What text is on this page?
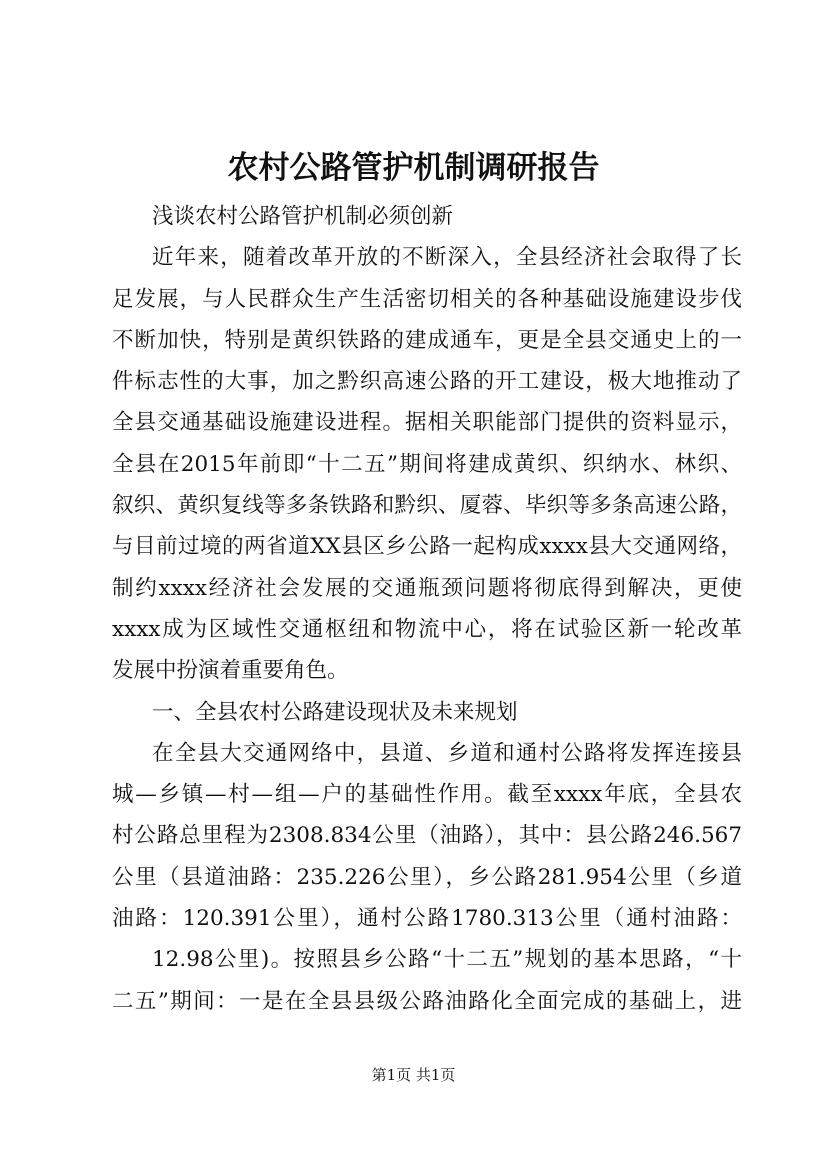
农村公路管护机制调研报告
浅谈农村公路管护机制必须创新
近年来，随着改革开放的不断深入，全县经济社会取得了长
足发展，与人民群众生产生活密切相关的各种基础设施建设步伐
不断加快，特别是黄织铁路的建成通车，更是全县交通史上的一
件标志性的大事，加之黔织高速公路的开工建设，极大地推动了
全县交通基础设施建设进程。据相关职能部门提供的资料显示，
全县在2015年前即“十二五”期间将建成黄织、织纳水、林织、
叙织、黄织复线等多条铁路和黔织、厦蓉、毕织等多条高速公路，
与目前过境的两省道XX县区乡公路一起构成xxxx县大交通网络，
制约xxxx经济社会发展的交通瓶颈问题将彻底得到解决，更使
xxxx成为区域性交通枢纽和物流中心，将在试验区新一轮改革
发展中扮演着重要角色。
一、全县农村公路建设现状及未来规划
在全县大交通网络中，县道、乡道和通村公路将发挥连接县
城—乡镇—村—组—户的基础性作用。截至xxxx年底，全县农
村公路总里程为2308.834公里（油路），其中：县公路246.567
公里（县道油路：235.226公里），乡公路281.954公里（乡道
油路：120.391公里），通村公路1780.313公里（通村油路：
12.98公里)。按照县乡公路“十二五”规划的基本思路，“十
二五”期间：一是在全县县级公路油路化全面完成的基础上，进
第1页 共1页
